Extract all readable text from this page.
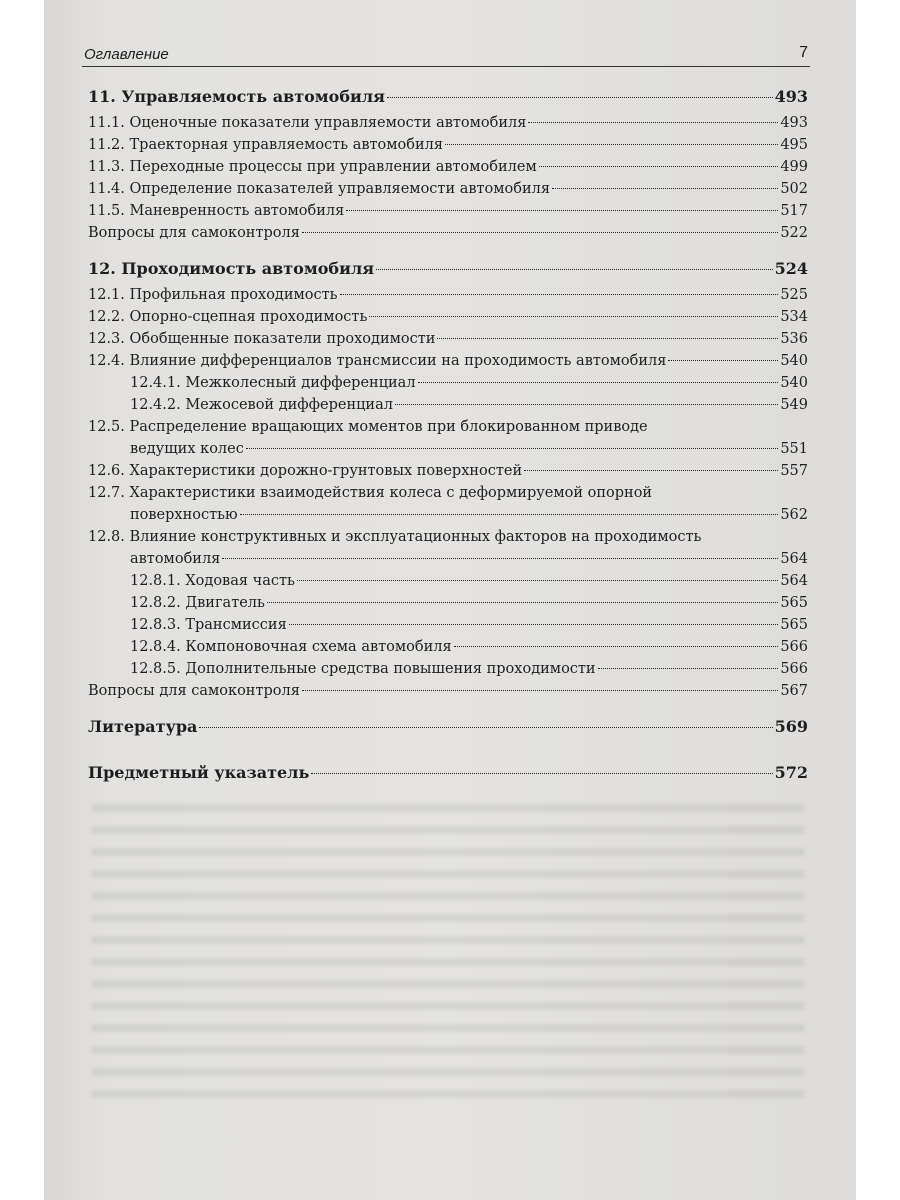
Оглавление	7
11. Управляемость автомобиля	493
11.1. Оценочные показатели управляемости автомобиля	493
11.2. Траекторная управляемость автомобиля	495
11.3. Переходные процессы при управлении автомобилем	499
11.4. Определение показателей управляемости автомобиля	502
11.5. Маневренность автомобиля	517
Вопросы для самоконтроля	522
12. Проходимость автомобиля	524
12.1. Профильная проходимость	525
12.2. Опорно-сцепная проходимость	534
12.3. Обобщенные показатели проходимости	536
12.4. Влияние дифференциалов трансмиссии на проходимость автомобиля	540
12.4.1. Межколесный дифференциал	540
12.4.2. Межосевой дифференциал	549
12.5. Распределение вращающих моментов при блокированном приводе
ведущих колес	551
12.6. Характеристики дорожно-грунтовых поверхностей	557
12.7. Характеристики взаимодействия колеса с деформируемой опорной
поверхностью	562
12.8. Влияние конструктивных и эксплуатационных факторов на проходимость
автомобиля	564
12.8.1. Ходовая часть	564
12.8.2. Двигатель	565
12.8.3. Трансмиссия	565
12.8.4. Компоновочная схема автомобиля	566
12.8.5. Дополнительные средства повышения проходимости	566
Вопросы для самоконтроля	567
Литература	569
Предметный указатель	572
